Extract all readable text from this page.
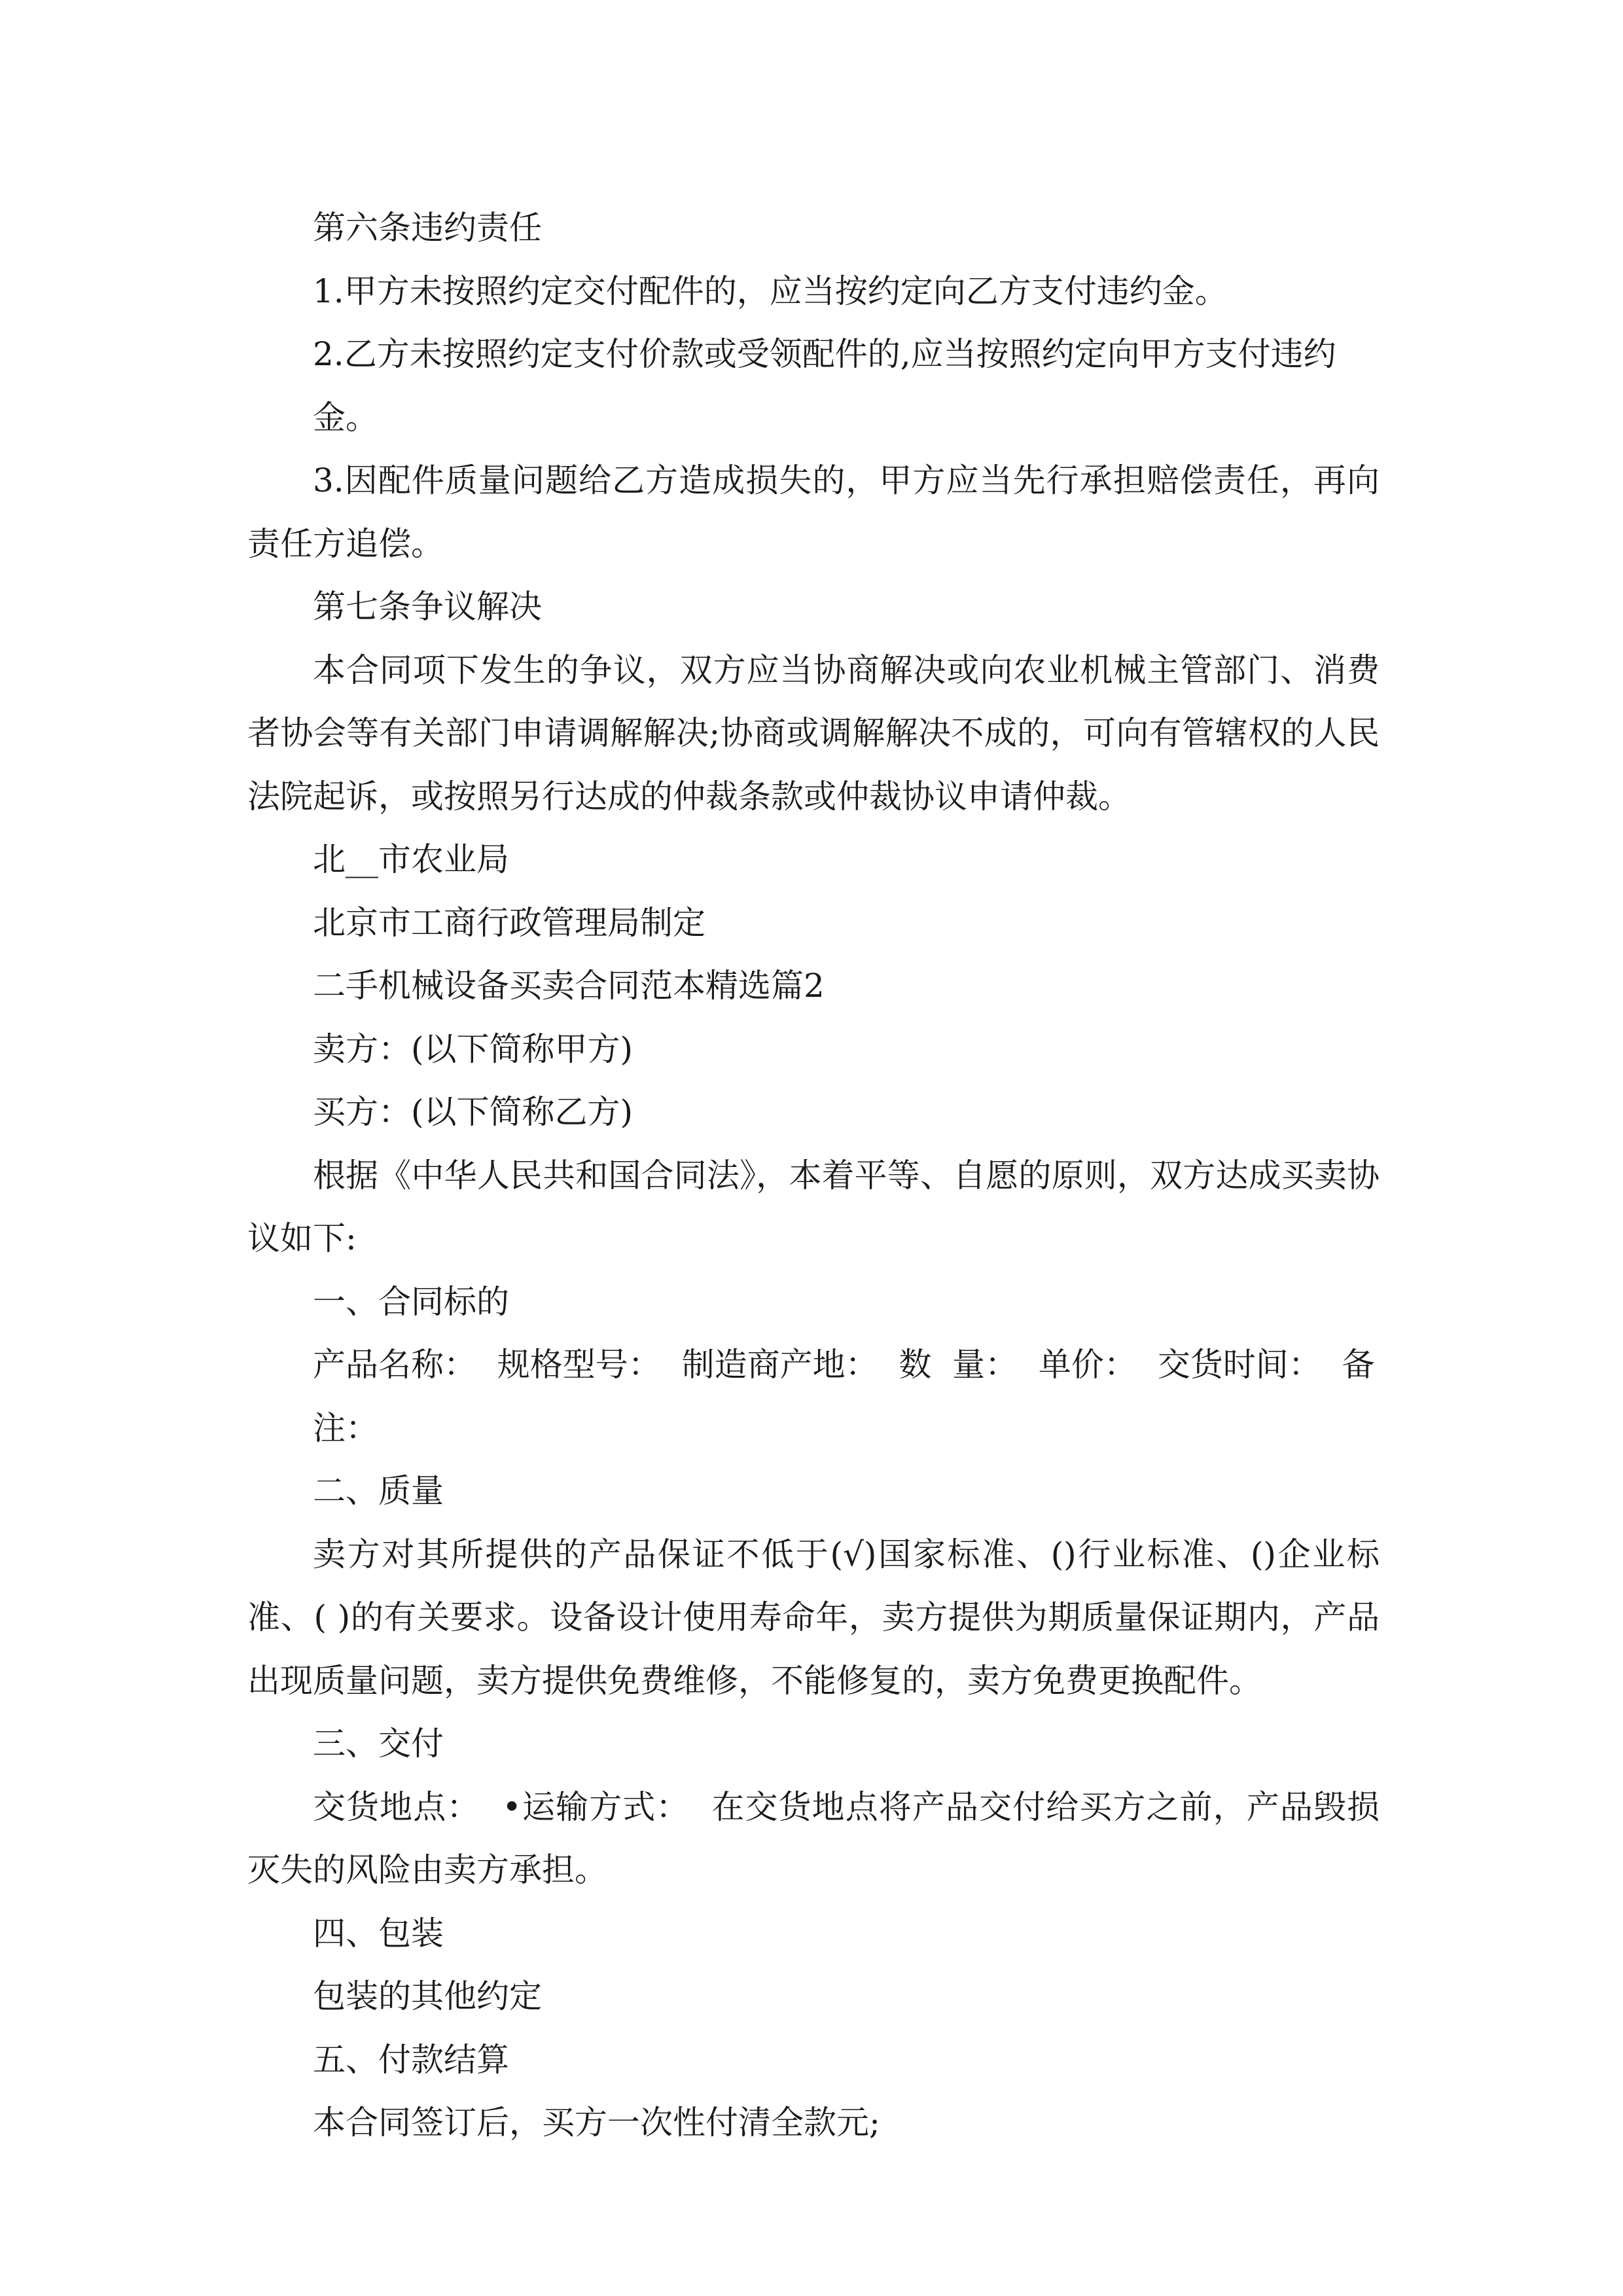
第六条违约责任

1.甲方未按照约定交付配件的，应当按约定向乙方支付违约金。

2.乙方未按照约定支付价款或受领配件的,应当按照约定向甲方支付违约金。

3.因配件质量问题给乙方造成损失的，甲方应当先行承担赔偿责任，再向责任方追偿。

第七条争议解决

本合同项下发生的争议，双方应当协商解决或向农业机械主管部门、消费者协会等有关部门申请调解解决;协商或调解解决不成的，可向有管辖权的人民法院起诉，或按照另行达成的仲裁条款或仲裁协议申请仲裁。

北__市农业局

北京市工商行政管理局制定

二手机械设备买卖合同范本精选篇2

卖方：(以下简称甲方)

买方：(以下简称乙方)

根据《中华人民共和国合同法》，本着平等、自愿的原则，双方达成买卖协议如下:

一、合同标的

产品名称：  规格型号：  制造商产地：  数  量：  单价：  交货时间：  备注：

二、质量

卖方对其所提供的产品保证不低于(√)国家标准、()行业标准、()企业标准、( )的有关要求。设备设计使用寿命年，卖方提供为期质量保证期内，产品出现质量问题，卖方提供免费维修，不能修复的，卖方免费更换配件。

三、交付

交货地点：  •运输方式：  在交货地点将产品交付给买方之前，产品毁损灭失的风险由卖方承担。

四、包装

包装的其他约定

五、付款结算

本合同签订后，买方一次性付清全款元;
